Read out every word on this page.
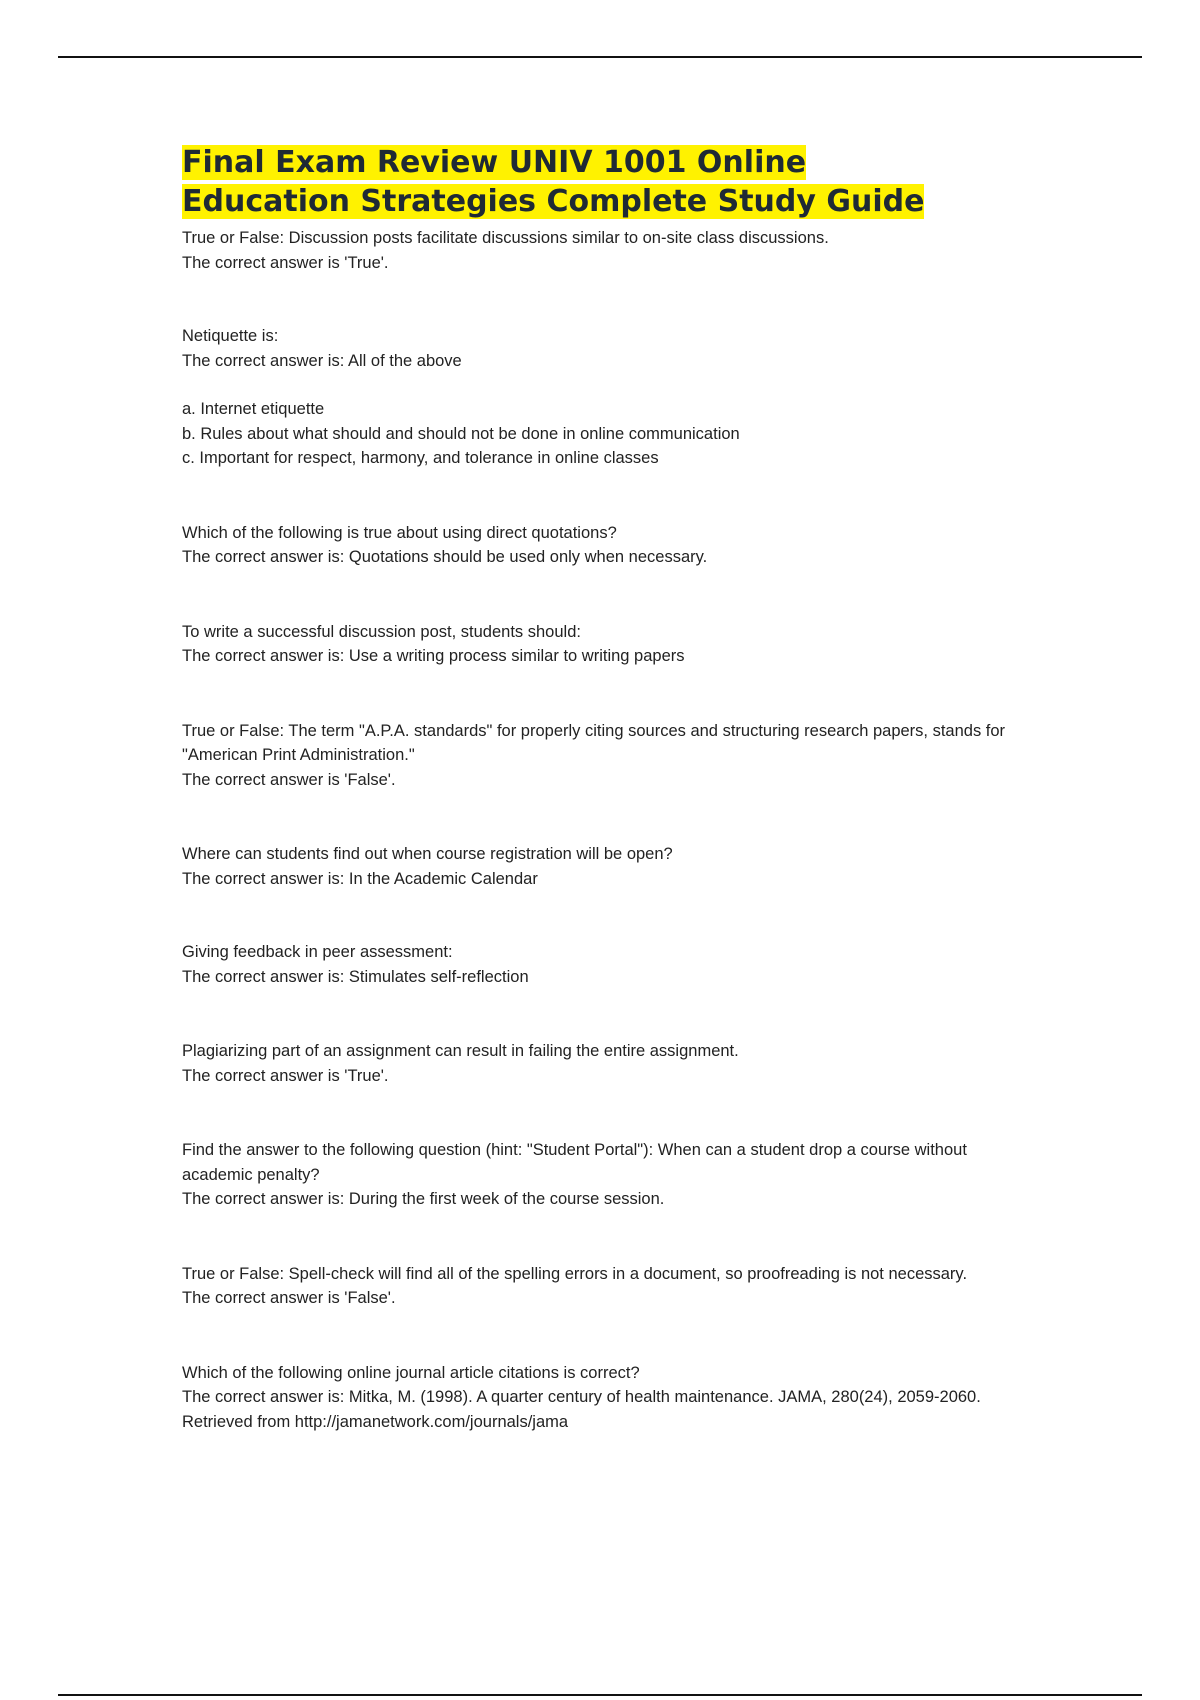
Final Exam Review UNIV 1001 Online
Education Strategies Complete Study Guide

True or False: Discussion posts facilitate discussions similar to on-site class discussions.

The correct answer is 'True'.

Netiquette is:

The correct answer is: All of the above

a. Internet etiquette

b. Rules about what should and should not be done in online communication

c. Important for respect, harmony, and tolerance in online classes

Which of the following is true about using direct quotations?

The correct answer is: Quotations should be used only when necessary.

To write a successful discussion post, students should:

The correct answer is: Use a writing process similar to writing papers

True or False: The term "A.P.A. standards" for properly citing sources and structuring research papers, stands for "American Print Administration."

The correct answer is 'False'.

Where can students find out when course registration will be open?

The correct answer is: In the Academic Calendar

Giving feedback in peer assessment:

The correct answer is: Stimulates self-reflection

Plagiarizing part of an assignment can result in failing the entire assignment.

The correct answer is 'True'.

Find the answer to the following question (hint: "Student Portal"): When can a student drop a course without academic penalty?

The correct answer is: During the first week of the course session.

True or False: Spell-check will find all of the spelling errors in a document, so proofreading is not necessary.

The correct answer is 'False'.

Which of the following online journal article citations is correct?

The correct answer is: Mitka, M. (1998). A quarter century of health maintenance. JAMA, 280(24), 2059-2060. Retrieved from http://jamanetwork.com/journals/jama
